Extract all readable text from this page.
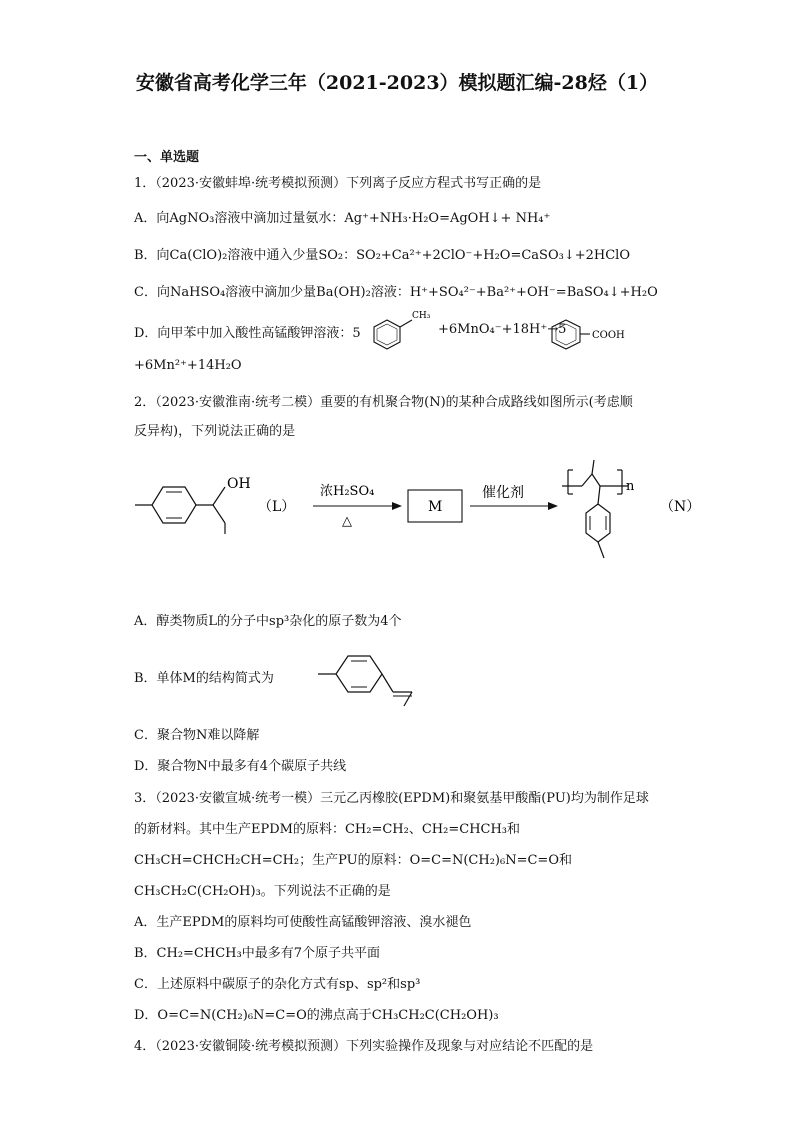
安徽省高考化学三年（2021-2023）模拟题汇编-28烃（1）
一、单选题
1．（2023·安徽蚌埠·统考模拟预测）下列离子反应方程式书写正确的是
A．向AgNO₃溶液中滴加过量氨水：Ag⁺+NH₃·H₂O=AgOH↓+ NH₄⁺
B．向Ca(ClO)₂溶液中通入少量SO₂：SO₂+Ca²⁺+2ClO⁻+H₂O=CaSO₃↓+2HClO
C．向NaHSO₄溶液中滴加少量Ba(OH)₂溶液：H⁺+SO₄²⁻+Ba²⁺+OH⁻=BaSO₄↓+H₂O
D．向甲苯中加入酸性高锰酸钾溶液：5
CH₃
+6MnO₄⁻+18H⁺→5	COOH
+6Mn²⁺+14H₂O
2．（2023·安徽淮南·统考二模）重要的有机聚合物(N)的某种合成路线如图所示(考虑顺
反异构)，下列说法正确的是
OH
（L）
浓H₂SO₄
△
M
催化剂	n
（N）
A．醇类物质L的分子中sp³杂化的原子数为4个
B．单体M的结构简式为
C．聚合物N难以降解
D．聚合物N中最多有4个碳原子共线
3．（2023·安徽宣城·统考一模）三元乙丙橡胶(EPDM)和聚氨基甲酸酯(PU)均为制作足球
的新材料。其中生产EPDM的原料：CH₂=CH₂、CH₂=CHCH₃和
CH₃CH=CHCH₂CH=CH₂；生产PU的原料：O=C=N(CH₂)₆N=C=O和
CH₃CH₂C(CH₂OH)₃。下列说法不正确的是
A．生产EPDM的原料均可使酸性高锰酸钾溶液、溴水褪色
B．CH₂=CHCH₃中最多有7个原子共平面
C．上述原料中碳原子的杂化方式有sp、sp²和sp³
D．O=C=N(CH₂)₆N=C=O的沸点高于CH₃CH₂C(CH₂OH)₃
4．（2023·安徽铜陵·统考模拟预测）下列实验操作及现象与对应结论不匹配的是
